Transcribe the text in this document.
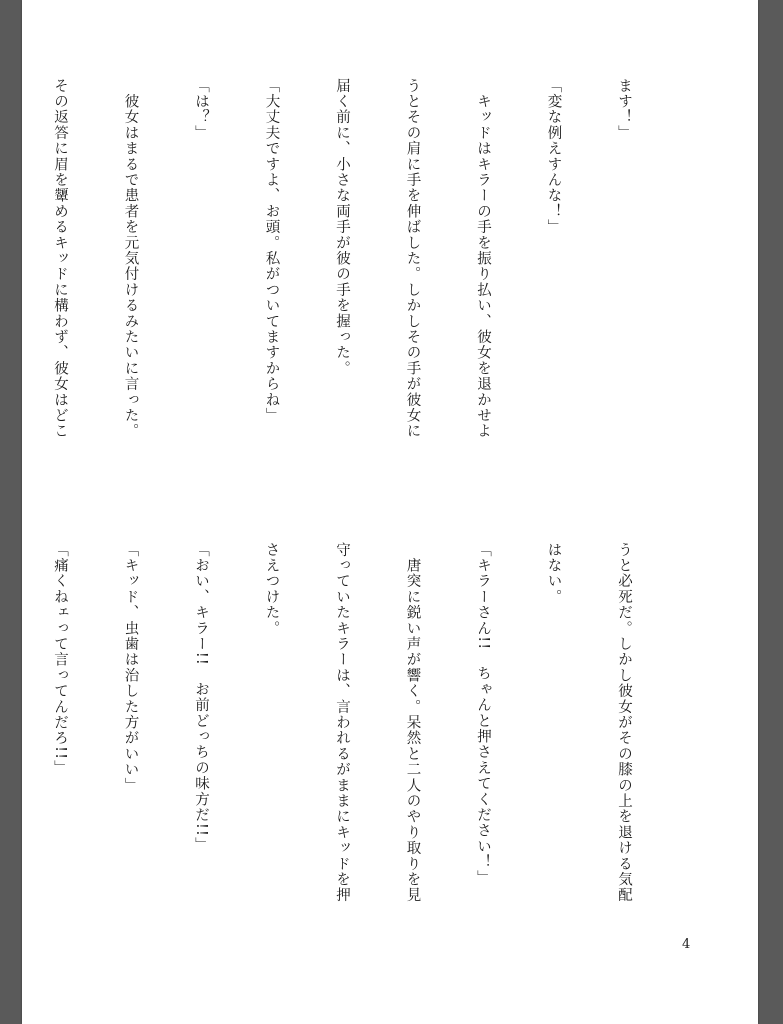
ます！」

「変な例えすんな！」

　キッドはキラーの手を振り払い、彼女を退かせよ

うとその肩に手を伸ばした。しかしその手が彼女に

届く前に、小さな両手が彼の手を握った。

「大丈夫ですよ、お頭。私がついてますからね」

「は？」

　彼女はまるで患者を元気付けるみたいに言った。

その返答に眉を顰めるキッドに構わず、彼女はどこ

うと必死だ。しかし彼女がその膝の上を退ける気配

はない。

「キラーさん!!　ちゃんと押さえてください！」

　唐突に鋭い声が響く。呆然と二人のやり取りを見

守っていたキラーは、言われるがままにキッドを押

さえつけた。

「おい、キラー!!　お前どっちの味方だ!!」

「キッド、虫歯は治した方がいい」

「痛くねェって言ってんだろ!!」

4
